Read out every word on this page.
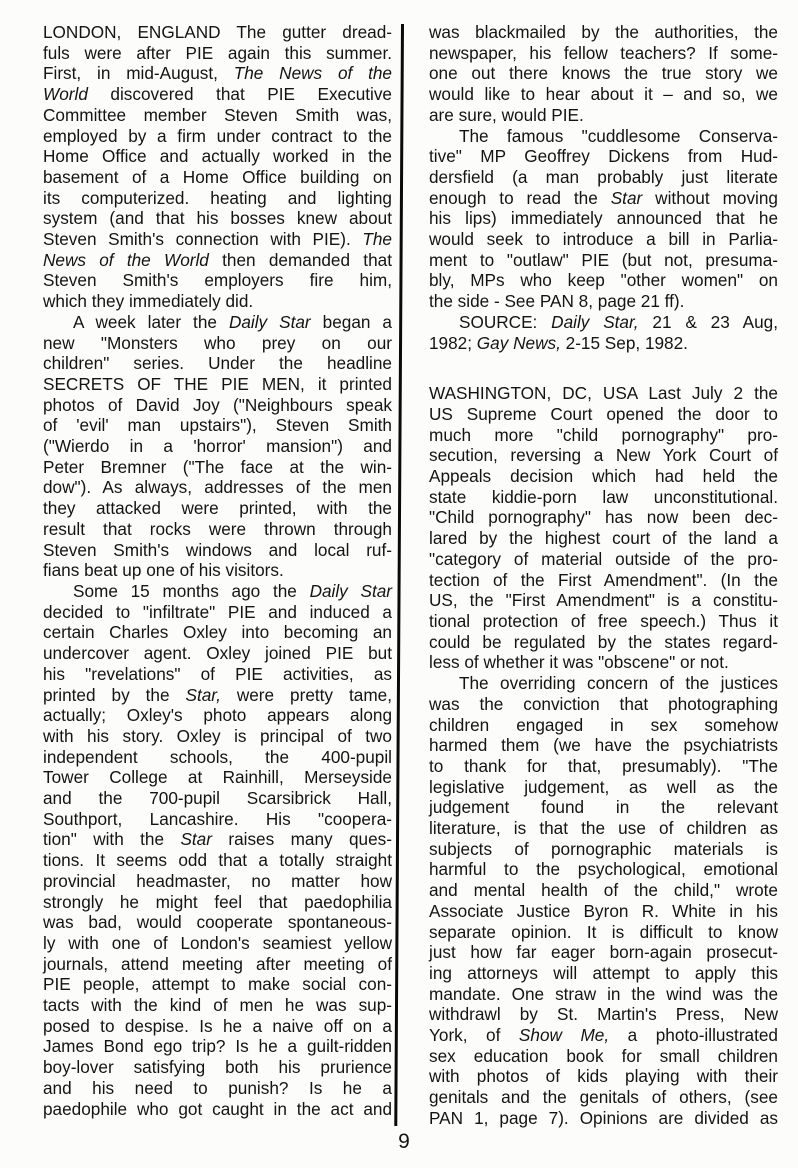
LONDON, ENGLAND The gutter dread-
fuls were after PIE again this summer.
First, in mid-August, The News of the
World discovered that PIE Executive
Committee member Steven Smith was,
employed by a firm under contract to the
Home Office and actually worked in the
basement of a Home Office building on
its computerized. heating and lighting
system (and that his bosses knew about
Steven Smith's connection with PIE). The
News of the World then demanded that
Steven Smith's employers fire him,
which they immediately did.
A week later the Daily Star began a
new "Monsters who prey on our
children" series. Under the headline
SECRETS OF THE PIE MEN, it printed
photos of David Joy ("Neighbours speak
of 'evil' man upstairs"), Steven Smith
("Wierdo in a 'horror' mansion") and
Peter Bremner ("The face at the win-
dow"). As always, addresses of the men
they attacked were printed, with the
result that rocks were thrown through
Steven Smith's windows and local ruf-
fians beat up one of his visitors.
Some 15 months ago the Daily Star
decided to "infiltrate" PIE and induced a
certain Charles Oxley into becoming an
undercover agent. Oxley joined PIE but
his "revelations" of PIE activities, as
printed by the Star, were pretty tame,
actually; Oxley's photo appears along
with his story. Oxley is principal of two
independent schools, the 400-pupil
Tower College at Rainhill, Merseyside
and the 700-pupil Scarsibrick Hall,
Southport, Lancashire. His "coopera-
tion" with the Star raises many ques-
tions. It seems odd that a totally straight
provincial headmaster, no matter how
strongly he might feel that paedophilia
was bad, would cooperate spontaneous-
ly with one of London's seamiest yellow
journals, attend meeting after meeting of
PIE people, attempt to make social con-
tacts with the kind of men he was sup-
posed to despise. Is he a naive off on a
James Bond ego trip? Is he a guilt-ridden
boy-lover satisfying both his prurience
and his need to punish? Is he a
paedophile who got caught in the act and
was blackmailed by the authorities, the
newspaper, his fellow teachers? If some-
one out there knows the true story we
would like to hear about it – and so, we
are sure, would PIE.
The famous "cuddlesome Conserva-
tive" MP Geoffrey Dickens from Hud-
dersfield (a man probably just literate
enough to read the Star without moving
his lips) immediately announced that he
would seek to introduce a bill in Parlia-
ment to "outlaw" PIE (but not, presuma-
bly, MPs who keep "other women" on
the side - See PAN 8, page 21 ff).
SOURCE: Daily Star, 21 & 23 Aug,
1982; Gay News, 2-15 Sep, 1982.
WASHINGTON, DC, USA Last July 2 the
US Supreme Court opened the door to
much more "child pornography" pro-
secution, reversing a New York Court of
Appeals decision which had held the
state kiddie-porn law unconstitutional.
"Child pornography" has now been dec-
lared by the highest court of the land a
"category of material outside of the pro-
tection of the First Amendment". (In the
US, the "First Amendment" is a constitu-
tional protection of free speech.) Thus it
could be regulated by the states regard-
less of whether it was "obscene" or not.
The overriding concern of the justices
was the conviction that photographing
children engaged in sex somehow
harmed them (we have the psychiatrists
to thank for that, presumably). "The
legislative judgement, as well as the
judgement found in the relevant
literature, is that the use of children as
subjects of pornographic materials is
harmful to the psychological, emotional
and mental health of the child," wrote
Associate Justice Byron R. White in his
separate opinion. It is difficult to know
just how far eager born-again prosecut-
ing attorneys will attempt to apply this
mandate. One straw in the wind was the
withdrawl by St. Martin's Press, New
York, of Show Me, a photo-illustrated
sex education book for small children
with photos of kids playing with their
genitals and the genitals of others, (see
PAN 1, page 7). Opinions are divided as
9
